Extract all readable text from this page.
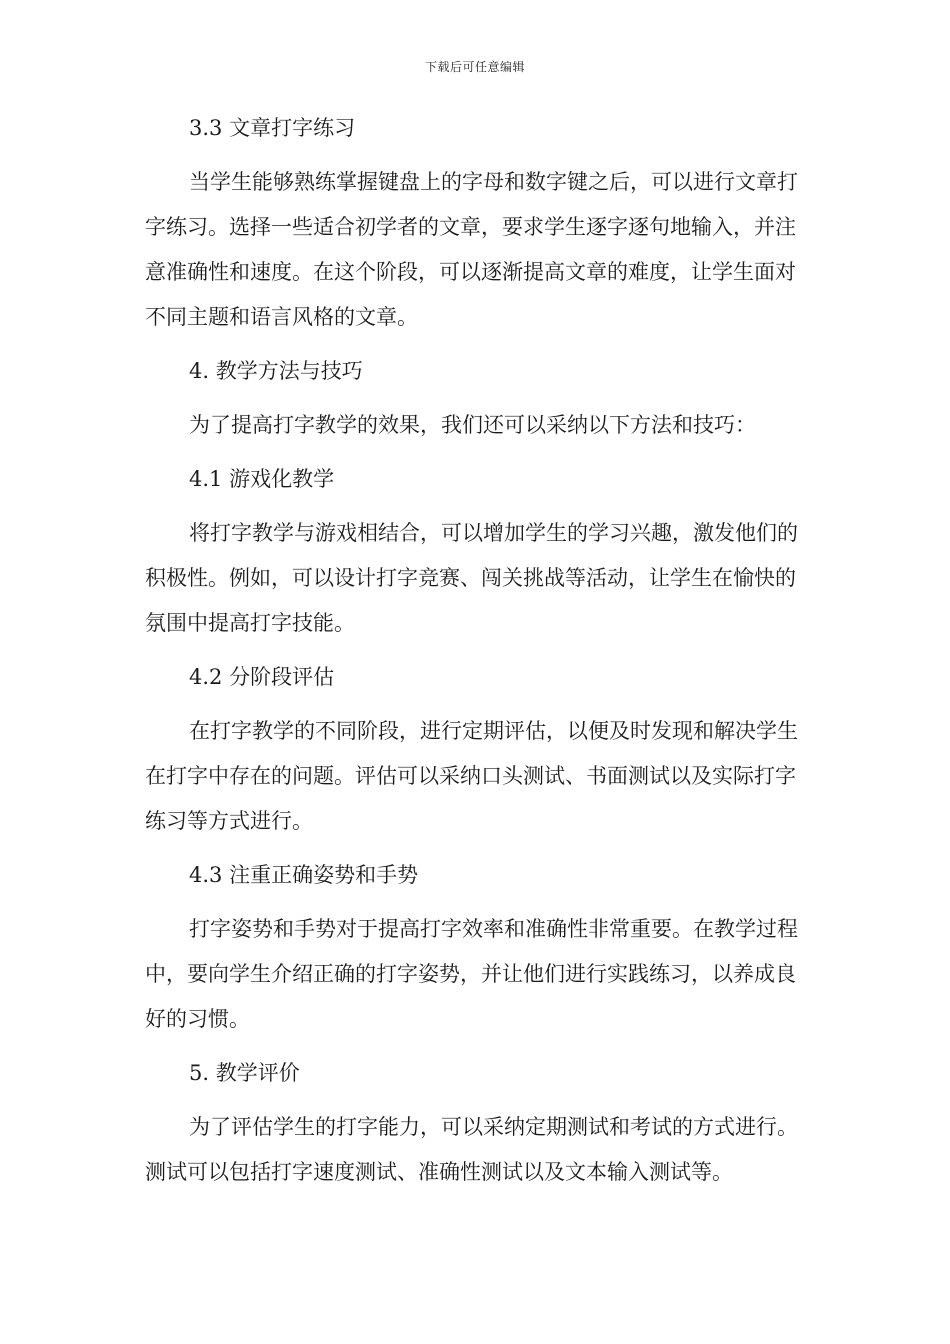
下载后可任意编辑

3.3 文章打字练习

当学生能够熟练掌握键盘上的字母和数字键之后，可以进行文章打字练习。选择一些适合初学者的文章，要求学生逐字逐句地输入，并注意准确性和速度。在这个阶段，可以逐渐提高文章的难度，让学生面对不同主题和语言风格的文章。

4. 教学方法与技巧

为了提高打字教学的效果，我们还可以采纳以下方法和技巧：

4.1 游戏化教学

将打字教学与游戏相结合，可以增加学生的学习兴趣，激发他们的积极性。例如，可以设计打字竞赛、闯关挑战等活动，让学生在愉快的氛围中提高打字技能。

4.2 分阶段评估

在打字教学的不同阶段，进行定期评估，以便及时发现和解决学生在打字中存在的问题。评估可以采纳口头测试、书面测试以及实际打字练习等方式进行。

4.3 注重正确姿势和手势

打字姿势和手势对于提高打字效率和准确性非常重要。在教学过程中，要向学生介绍正确的打字姿势，并让他们进行实践练习，以养成良好的习惯。

5. 教学评价

为了评估学生的打字能力，可以采纳定期测试和考试的方式进行。测试可以包括打字速度测试、准确性测试以及文本输入测试等。
